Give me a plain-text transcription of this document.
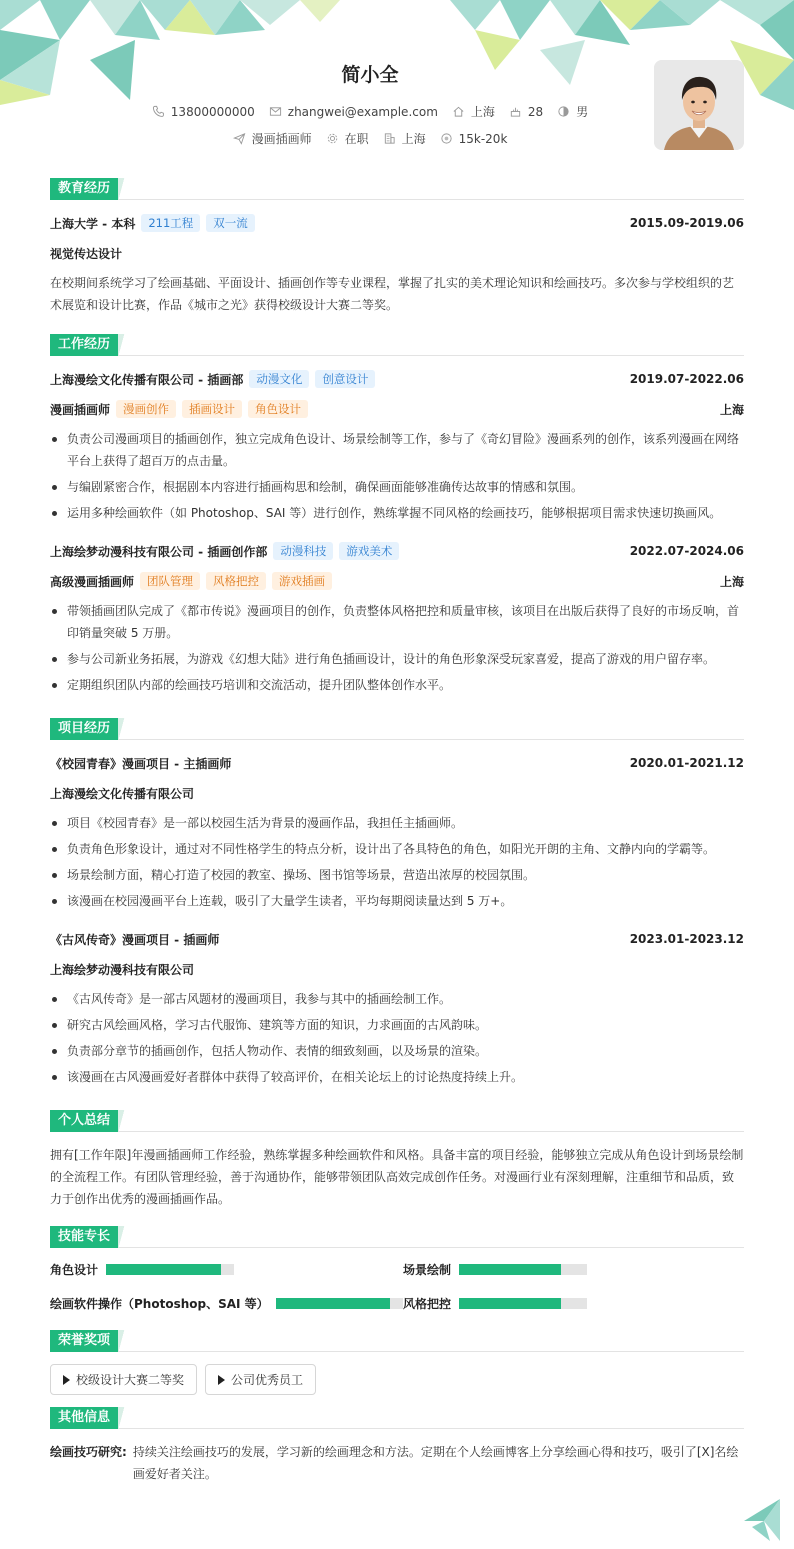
简小全
13800000000	zhangwei@example.com	上海	28	男
漫画插画师	在职	上海	15k-20k
教育经历
上海大学 - 本科	211工程	双一流	2015.09-2019.06
视觉传达设计

在校期间系统学习了绘画基础、平面设计、插画创作等专业课程，掌握了扎实的美术理论知识和绘画技巧。多次参与学校组织的艺术展览和设计比赛，作品《城市之光》获得校级设计大赛二等奖。

工作经历
上海漫绘文化传播有限公司 - 插画部	动漫文化	创意设计	2019.07-2022.06
漫画插画师	漫画创作	插画设计	角色设计	上海
负责公司漫画项目的插画创作，独立完成角色设计、场景绘制等工作，参与了《奇幻冒险》漫画系列的创作，该系列漫画在网络平台上获得了超百万的点击量。
与编剧紧密合作，根据剧本内容进行插画构思和绘制，确保画面能够准确传达故事的情感和氛围。
运用多种绘画软件（如 Photoshop、SAI 等）进行创作，熟练掌握不同风格的绘画技巧，能够根据项目需求快速切换画风。
上海绘梦动漫科技有限公司 - 插画创作部	动漫科技	游戏美术	2022.07-2024.06
高级漫画插画师	团队管理	风格把控	游戏插画	上海
带领插画团队完成了《都市传说》漫画项目的创作，负责整体风格把控和质量审核，该项目在出版后获得了良好的市场反响，首印销量突破 5 万册。
参与公司新业务拓展，为游戏《幻想大陆》进行角色插画设计，设计的角色形象深受玩家喜爱，提高了游戏的用户留存率。
定期组织团队内部的绘画技巧培训和交流活动，提升团队整体创作水平。
项目经历
《校园青春》漫画项目 - 主插画师	2020.01-2021.12
上海漫绘文化传播有限公司
项目《校园青春》是一部以校园生活为背景的漫画作品，我担任主插画师。
负责角色形象设计，通过对不同性格学生的特点分析，设计出了各具特色的角色，如阳光开朗的主角、文静内向的学霸等。
场景绘制方面，精心打造了校园的教室、操场、图书馆等场景，营造出浓厚的校园氛围。
该漫画在校园漫画平台上连载，吸引了大量学生读者，平均每期阅读量达到 5 万+。
《古风传奇》漫画项目 - 插画师	2023.01-2023.12
上海绘梦动漫科技有限公司
《古风传奇》是一部古风题材的漫画项目，我参与其中的插画绘制工作。
研究古风绘画风格，学习古代服饰、建筑等方面的知识，力求画面的古风韵味。
负责部分章节的插画创作，包括人物动作、表情的细致刻画，以及场景的渲染。
该漫画在古风漫画爱好者群体中获得了较高评价，在相关论坛上的讨论热度持续上升。
个人总结

拥有[工作年限]年漫画插画师工作经验，熟练掌握多种绘画软件和风格。具备丰富的项目经验，能够独立完成从角色设计到场景绘制的全流程工作。有团队管理经验，善于沟通协作，能够带领团队高效完成创作任务。对漫画行业有深刻理解，注重细节和品质，致力于创作出优秀的漫画插画作品。

技能专长
角色设计	场景绘制
绘画软件操作（Photoshop、SAI 等）	风格把控
荣誉奖项
校级设计大赛二等奖	公司优秀员工
其他信息
绘画技巧研究: 持续关注绘画技巧的发展，学习新的绘画理念和方法。定期在个人绘画博客上分享绘画心得和技巧，吸引了[X]名绘画爱好者关注。
